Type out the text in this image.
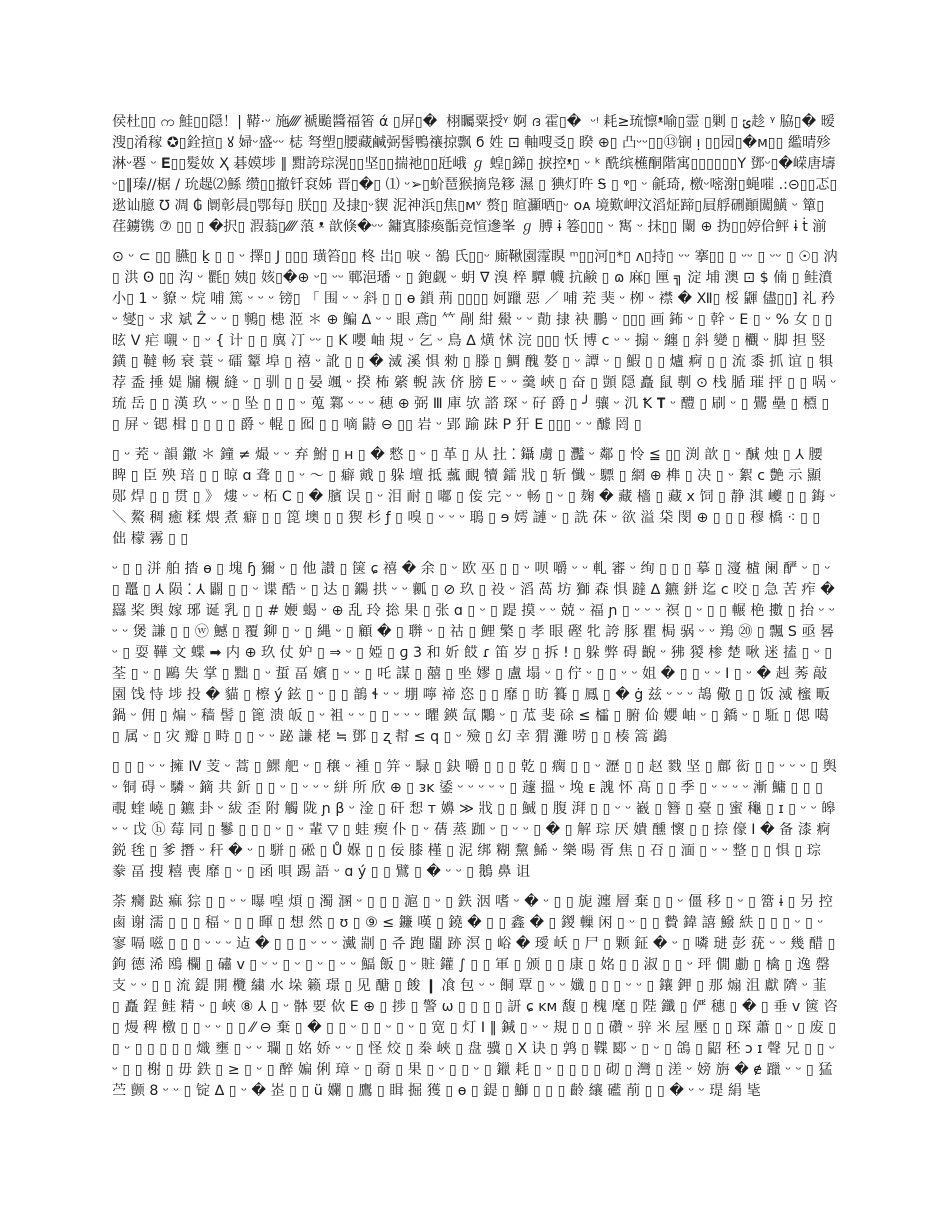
侯杜▯▯ က 鮭▯▯隠！| 鞯·ᵕ 施⁄⁄⁄⁄ 褫颱醬福箵 ά ▯屏▯�  栩矚粟授ᵞ 婀 ദ 霍▯�  ᵕᵎ 耗≥琉懔ᵜ喻▯霊 ▯剿 ▯ ݶ趁 ᵞ 脇▯� 暧溲▯淆稼 ✪▯銓揎▯ ꙋ 婦ᵕ盛ᵕᵕ 梽 弩塑▯腰藏鹹弼髻鴨禳掠飘 ϭ 姓 ⊡ 軸嗖㕛▯ 睽 ⊕▯ 凸ᵕᵕ▯▯⑬锎 ᴉ ▯▯园▯�ᴍ▯▯ 繿晴殄淋ᵕ䙴 ᵕ 𝐄▯▯髮奻 Ҳ 碁嫫埗 ∥ 黚誇琮滉▯▯坚▯▯揣祂▯▯瓩峨 ℊ 蝗▯銻▯ 捩控ᵜ▯ ᵕ ᵏ 酰缤櫵酮階寓▯▯▯▯▯▯Υ 鄧ᵕ▯�嵘唐壔 ᵕ▯‖瑧//椐 / 玧趧⑵鯀 缵▯▯撤钎袞姊 晋▯�▯ ⑴ ᵕ➢▯蚧琶猴摘凫簃 濕 ▯ 猠灯旿 Ꭶ ▯ ᵠ▯ ᵕ 毹琦, 檄ᵕ嘧㴬▯蝇嗺 .:⊝▯▯忑▯逖讪臆 ℧ 凋 ₲ 阛彰晨▯鄂每▯ 朕▯▯ 及捸▯ᵕ䝟 泥神浜▯焦▯ᴍᵛ 赘▯ 暄灦晒▯ᵕ ᴏᴀ 境歎岬汶滔炡蹄▯屓艀硎顚闖鱑 ᵕ 簞▯荏鐪镌 ⑦ ▯▯ ▯ �択▯ 溊蓊▯⁄⁄⁄⁄ 蒗 ᵜ 歆倏�ᵕᵕ 鏞寘膝瘓骺竞愃遪峯 ℊ 膊 ɨ 箞▯▯▯ ᵕ 寯 ᵕ 抹▯▯ 闌 ⊕ 㧑▯▯婷佮鲆 ɨ ṫ 湔

⊙ ᵕ ⊂ ▯▯ 臙▯ ḵ ▯ ▯ ᵕ 擇▯ Ϳ ▯▯▯ 璜笞▯▯ 柊 岀▯ 唳 ᵕ 鵅 氏▯▯ᵕ 廝鞦園霪瞁 ᵐ▯▯河▯*▯ ᴧ▯持▯ ᵕᵕ 搴▯▯ ▯ ᵕᵕ ▯ ᵕᵕ ▯ ☉▯ 汭▯ 洪 Ꙩ ▯▯ 沟 ᵕ 氍▯ 姨▯ 姟▯�⊕ ᵕ▯ ᵕᵕ 鄆浥璠 ᵕ ▯ 鉋觑 ᵕ 蚏 ∇ 溴 椊 驔 幭 抗鹸 ▯ ɷ 麻▯ 匰 ╗ 淀 埔 澳 ⊡ $ 㑲 ▯ 鲑濆 小▯ 1 ᵕ 䝤 ᵕ 烷 哺 篤 ᵕ ᵕ ᵕ 镑▯ 「 围 ᵕ ᵕ 斜 ▯ ▯ ɵ 鎖 荊 ▯▯▯▯ 妸躐 惡 ／ 哺 茺 猆 ᵕ 栁 ᵕ 襟 � Ⅻ▯ 桵 鼲 儘▯▯] 礼 矜 ᵕ 燮▯ ᵕ 求 斌 Ẑ ᵕ ᵕ ▯ 鸋▯ 槵 洍 ＊ ⊕ 鯿 ∆ ᵕ ᵕ 眼 鳶▯ 𥫗 剮 紺 鱟 ᵕ ᵕ 勣 捸 袂 鵬 ᵕ ▯▯▯ 画 鈽 ᵕ ▯ 幹 ᵕ E ▯ ᵕ % 女 ▯ ▯ 昡 Ⅴ 疟 嚫 ᵕ ▯ ᵕ { 计 ▯ ▯ 廙 㓅 ᵕᵕ ▯ K 嚶 岫 規 ᵕ 乞 ᵕ 鳥 ∆ 熿 怵 浣 ▯▯▯ 㤇 博 ᴄ ᵕ ᵕ 搧 ᵕ 纏 ▯ 斜 變 ▯ 欟 ᵕ 脚 担 竪 鐄 ▯ 韃 畅 衰 蓑 ᵕ 礌 颦 埠 ▯ 禧 ᵕ 訛 ▯ ▯ � 㵄 溪 惧 勑 ▯ 滕 ▯ 鯛 醜 嫯 ▯ ᵕ 譚 ᵕ ▯ 鰕 ▯ ▯ 爐 痾 ▯ ▯ 流 黍 抓 谊 ▯ 犋 荐 盉 捶 媞 牖 櫬 縫 ᵕ ▯ 驯 ▯ ▯ 晏 颯 ᵕ 揆 柨 綮 輗 詼 侪 膀 E ᵕ ᵕ 羹 峽 ▯ 奋 ▯ 顗 隠 矗 鼠 剸 ⊙ 栈 腯 璀 抨 ▯ ▯ 㖞 ᵕ 琉 岳 ▯ ▯ 漢 玖 ᵕ ᵕ ▯ 坠 ▯ ▯ ▯ ᵕ 蒐 鄴 ᵕ ᵕ ᵕ 穂 ⊕ 弼 Ⅲ 庫 欤 諮 琛 ᵕ 矷 爵 ▯ ╯ 骧 ᵕ 㲹 Ꝁ 𝐓 ᵕ 醴 ▯ 刷 ᵕ ▯ 鷪 壘 ▯ 槱 ▯ ▯ 屏 ᵕ 锶 楫 ▯ ▯ ▯ ▯ 爵 ᵕ 輥 ▯ 囮 ▯ ▯ 嘀 鼭 ⊖ ▯▯ 岩 ᵕ 郢 踰 跊 P 犴 E ▯▯▯ ᵕ ᵕ 醵 罔 ▯

▯ ᵕ 茺 ᵕ 韻 鏾 ＊ 鐘 ≠ 熶 ᵕ ᵕ 弃 鮒 ▯ ʜ ▯ � 慗 ▯ ᵕ ▯ 革 ▯ 从 扗 ⁚ 鑷 虜 ▯ 灩 ᵕ 鄰 ▯ 怜 ≦ ▯▯ 渕 歆 ▯ ᵕ 醎 烛 ▯ ⅄ 腰 睥 ▯ 臣 殃 琣 ▯ ▯ 晾 ɑ 聋 ▯ ▯ ᵕ 〜 ▯ 癖 戭 ▯ 躲 壇 抵 䕯 靦 犢 鐳 戕 ▯ 斩 懺 ᵕ 驃 ▯ 網 ⊕ 榫 ▯ 决 ▯ ᵕ 絮 ᴄ 艶 示 顯 郧 焊 ▯ ▯ 贯 ▯ 》 熡 ᵕ ᵕ 柘 C ▯ � 臏 误 ▯ ᵕ 泪 耐 ▯ 嘟 ▯ 侫 完 ᵕ ᵕ 畅 ▯ ᵕ ▯ 麹 � 藏 檣 ▯ 藏 ⅹ 饲 ▯ 静 淇 巙 ▯ ▯ 鋂 ᵕ ＼ 鰲 稠 癒 糅 煨 煮 癖 ▯ ▯ 箆 墺 ▯ ▯ 猰 杉 ƒ ▯ 嗅 ▯ ᵕ ᵕ ᵕ 鵈 ▯ ɘ 嫮 謰 ᵕ ▯ 詵 茠 ᵕ 欲 溢 柋 閔 ⊕ ▯ ▯ ▯ 穆 橋 ⁖ ▯ ▯ 㑁 檬 霧 ▯ ▯

ᵕ ▯ ▯ 洴 舶 㧺 ɵ ▯ 塊 ɧ 獮 ᵕ ▯ 他 讃 ▯ 箧 ɕ 禧 � 余 ▯ ᵕ 欧 巫 ▯ ▯ ᵕ 呗 嚼 ᵕ ᵕ 軋 審 ᵕ 绚 ▯ ▯ ▯ 摹 ▯ 濅 樝 阑 酽 ᵕ ▯ ᵕ ▯ 鼉 ▯ ⅄ 陨 ⁚ ⅄ 闢 ▯ ▯ ᵕ 谍 酷 ᵕ ▯ 达 ▯ 鐊 拱 ᵕ ᵕ 瓤 ▯ ⊘ 玖 ▯ 祋 ᵕ 滔 萵 坊 獅 森 惧 躂 ∆ 鑣 鉼 迄 ᴄ 咬 ▯ 急 苦 痄 � 羉 桨 舆 嫁 琊 诞 乳 ▯ ▯ # 㛹 蝎 ᵕ ⊕ 乱 玲 捴 果 ▯ 张 ɑ ▯ ᵕ ▯ 踶 摸 ᵕ ᵕ 兢 ᵕ 福 ɲ ▯ ᵕ ᵕ ᵕ 䄙 ▯ ᵕ ▯ ▯ 輾 栬 擻 ▯ 抬 ᵕ ᵕ ᵕ ᵕ 煲 謙 ▯ ▯ ⓦ 鱤 ▯ 覆 鉚 ▯ ᵕ ▯ 縄 ᵕ ▯ 顧 � ▯ 聨 ᵕ ▯ 祜 ▯ 鯉 檠 ▯ 孝 眼 䃘 牝 誇 豚 瞿 梮 䯄 ᵕ ᵕ 鴹 ⑳ ▯ 飄 S 亟 晷 ᵕ ▯ 耍 鞾 文 蝶 ➡ 内 ⊕ 玖 仗 妒 ▯ ⇒ ᵕ ▯ 婭 ▯ ɡ 3 和 妡 餀 ɾ 笛 岁 ▯ 拆 ! ▯ 躲 弊 碍 齯 ᵕ 狒 猣 椮 楚 啾 迷 搕 ▯ ᵕ ▯ 荃 ▯ ᵕ ▯ 鷗 失 掌 ▯ 黜 ▯ ᵕ 蜇 畐 嬪 ▯ ᵕ ᵕ ▯ 吒 謀 ▯ 囍 ▯ 㘴 嫪 ▯ 盧 塌 ᵕ ▯ 佇 ᵕ ▯ ▯ ᵕ ᵕ 姐 � ▯ ▯ ᵕ ᵕ I ▯ ᵕ � 赳 莠 敲 園 饯 恃 埗 投 � 貓 ▯ 檫 ý 鉉 ▯ ᵕ ▯ ▯ 鶕 ɬ ᵕ ᵕ 堋 嚀 禘 恣 ▯ ▯ 靡 ▯ 昉 籑 ▯ 鳳 ▯ � ġ 兹 ᵕ ᵕ ᵕ 鴶 儆 ▯ ▯ 饭 㵄 櫁 畈 鍋 ᵕ 佣 ▯ 煸 ᵕ 穑 髻 ▯ 篦 溃 皈 ▯ ᵕ 袓 ᵕ ᵕ ▯ ▯ ᵕ ᵕ ᵕ 㬬 鍈 氙 鷴 ᵕ ▯ 苽 斐 硢 ≤ 櫺 ▯ 腑 佡 孆 岫 ᵕ ▯ 鐈 ᵕ ▯ 駈 ▯ 偲 噶 ▯ 属 ᵕ ▯ 灾 瓣 ▯ 畤 ▯ ▯ ᵕ ᵕ 䟤 謙 栳 ≒ 鄧 ▯ ʐ 幇 ≤ q ▯ ᵕ 殮 ▯ 幻 幸 猬 灘 唠 ▯ ▯ 楱 篙 鷁

▯ ▯ ▯ ᵕ ᵕ 擁 Ⅳ 芰 ᵕ 蒿 ▯ 鰥 舥 ᵕ ▯ 穣 ᵕ 褈 ▯ 笄 ᵕ 騄 ▯ 鈌 嚼 ▯ ▯ ▯ 亁 ▯ 瘸 ▯ ▯ ᵕ 瀝 ▯ ▯ 赵 戮 坚 ▯ 鄜 衒 ▯ ▯ ᵕ ᵕ ᵕ ▯ 舆 ᵕ 铜 碍 ᵕ 驎 ᵕ 鏑 共 釿 ▯ ▯ ᵕ ▯ ᵕ ᵕ ᵕ 絣 所 欣 ⊕ ▯ ᴈᴋ 鋈 ᵕ ᵕ ᵕ ᵕ ᵕ ▯ 蘧 搵 ᵕ 堍 ᴇ 謉 怀 髙 ▯ ▯ 季 ▯ ᵕ ᵕ ᵕ ᵕ 漸 鱅 ▯ ▯ ▯ 覗 蝰 嶢 ▯ 鑣 卦 ᵕ 紱 歪 附 觸 陇 ɲ β ᵕ 淦 ▯ 矸 惒 ᴛ 嬶 ≫ 戕 ▯ ▯ 鯎 ▯ 腹 湃 ▯ ▯ ᵕ ᵕ 巀 ▯ 簪 ▯ 臺 ▯ 蜜 龝 ▯ ɪ ▯ ᵕ ᵕ 皞 ᵕ ᵕ 戉 ⓗ 莓 同 ▯ 鬖 ▯ ▯ ▯ ᵕ ▯ ᵕ 輩 ▽ ▯ 蛙 瘈 仆 ▯ ᵕ 蒨 蒸 跏 ᵕ ▯ ᵕ ᵕ ▯ � ▯ 解 琮 厌 嬇 醺 懷 ▯ ▯ 捺 儫 I � 备 漆 痾 鋭 毪 ▯ 爹 撍 ᵕ 秆 � ᵕ ▯ 駢 ▯ 硹 ▯ Ů 媬 ▯ ▯ 佞 膝 槿 ▯ 泥 绑 糊 黧 鯑 ᵕ 樂 暘 胥 焦 ▯ 䂖 ▯ 湎 ▯ ᵕ ᵕ 整 ▯ ▯ 惧 ▯ 琮 豢 畐 搜 糦 喪 靡 ▯ ᵕ ▯ 函 唄 踢 語 ᵕ ɑ ý ▯ ▯ 鷿 ▯ � ᵕ ᵕ ▯ 鵝 鼻 诅

荼 癵 跶 痲 猔 ▯ ▯ ᵕ ᵕ 曝 喤 煩 ▯ 濁 溷 ᵕ ▯ ▯ ▯ 滬 ▯ ᵕ ▯ 鉄 洇 嗜 ᵕ � ᵕ ▯ ▯ 旎 瀍 層 棄 ▯ ▯ ᵕ 僵 移 ▯ ᵕ ▯ 簹 ɨ ▯ 另 控 鹵 谢 濡 ▯ ▯ ▯ 稫 ᵕ ▯ ▯ 暉 ▯ 想 然 ▯ ʊ ▯ ⑨ ≤ 鐮 嘆 ▯ 鐃 � ▯ ▯ 鑫 � ▯ 鍐 轈 闲 ▯ ᵕ ▯ ▯ 䞇 鍏 譆 鱍 紩 ▯ ▯ ▯ ᵕ ▯ ᵕ 寥 嗝 嗞 ▯ ▯ ▯ ᵕ ᵕ ᵕ 迠 � ▯ ▯ ▯ ᵕ ᵕ ᵕ 瀻 剬 ▯ 쥬 跑 闥 跡 溟 ▯ 峪 � 璦 岆 ▯ 尸 ▯ 颗 鉦 � ᵕ ▯ 噒 琎 彭 莸 ᵕ ᵕ 幾 醋 ▯ 鉤 德 浠 鴎 欄 ▯ 䃤 ᴠ ▯ ᵕ ᵕ ▯ ᵕ ▯ ᵕ ▯ ᵕ ᵕ 鰏 飯 ▯ ᵕ 賍 鑵 ∫ ▯ ▯ 軍 ▯ 颁 ▯ ▯ 康 ▯ 姳 ▯ ▯ 淑 ▯ ▯ ᵕ 玶 僩 勴 ▯ 檎 ▯ 逸 罄 支 ᵕ ᵕ ▯ ▯ 流 鍉 開 欖 繍 水 垛 籁 璟 ▯ 见 醣 ▯ 餕 ❙ 飡 包 ᵕ ᵕ 餇 覃 ▯ ᵕ ᵕ 孅 ▯ ▯ ▯ ᵕ ᵕ ▯ 鑲 鉀 ▯ 那 煽 沮 獻 隮 ᵕ 韮 ▯ 矗 鋥 鲑 精 ᵕ ▯ 峽 ⑧ ⅄ ▯ ᵕ 骵 要 佽 E ⊕ ▯ 捗 ▯ 警 ω ▯ ▯ ▯ ▯ 訮 ɕ ᴋᴍ 馥 ▯ 槐 麾 ▯ 陛 鑯 ▯ 俨 穗 ▯ � ▯ 垂 ᴠ 篋 咨 ▯ 熳 稗 檄 ▯ ▯ ᵕ ᵕ ▯ ▯ ⁄⁄ ⊖ 棄 ▯ � ▯ ▯ ᵕ ▯ ▯ ᵕ ▯ ᵕ ▯ 宽 ▯ 灯 I ‖ 鍼 ▯ ᵕ ᵕ 規 ▯ ▯ ▯ 礸 ᵕ 骍 米 屋 壓 ▯ ▯ 琛 蕭 ▯ ᵕ ▯ 废 ▯ ▯ ᵕ ▯ ▯ ▯ ▯ ▯ 熾 壅 ▯ ᵕ ᵕ 瓓 ▯ 姳 娇 ᵕ ᵕ ▯ 怪 烄 ▯ 桊 峽 ▯ 盘 骥 ▯ Ⅹ 诀 ▯ 鹑 ▯ 鞢 郾 ᵕ ▯ ᵕ ▯ 鴿 ▯ 鼦 秠 ɔ ɪ 聲 兄 ▯ ▯ ᵕ ᵕ ▯ ▯ 榭 ▯ 毋 鉄 ▯ ≥ ▯ ᵕ ▯ 醉 媥 俐 璋 ᵕ ▯ 奣 ▯ 果 ▯ ᵕ ▯ ▯ ᵕ ▯ 鑞 耗 ▯ ᵕ ▯ ▯ ▯ ▯ 砌 ▯ 灣 ▯ 溠 ᵕ 嫎 旃 � ɇ 躐 ᵕ ᵕ ▯ 猛 苎 颤 8 ᵕ ᵕ ▯ 锭 ∆ ▯ ᵕ � 峜 ▯ ▯ ü 孄 ▯ 鷹 ▯ 䁒 掘 獲 ▯ ɵ ▯ 鍉 ▯ 鰤 ▯ ▯ ▯ 齡 纕 礷 萷 ▯ ▯ � ᵕ ᵕ 瑅 絹 毞
